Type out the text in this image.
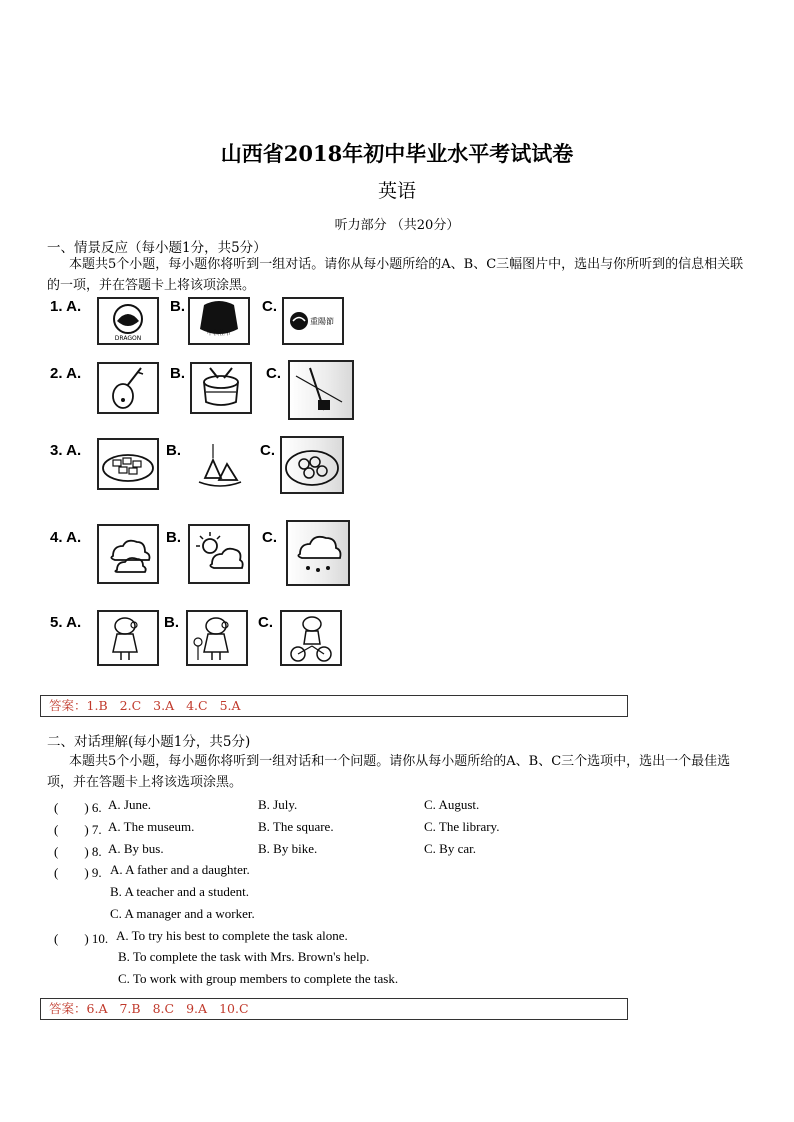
山西省2018年初中毕业水平考试试卷
英语
听力部分 （共20分）
一、情景反应（每小题1分，共5分）
本题共5个小题，每小题你将听到一组对话。请你从每小题所给的A、B、C三幅图片中，选出与你所听到的信息相关联的一项，并在答题卡上将该项涂黑。
1. A.
DRAGON
B.
中秋佳节
C.
重陽節
2. A.	B.	C.
3. A.	B.	C.
4. A.	B.	C.
5. A.	B.	C.
答案：1.B 2.C 3.A 4.C 5.A
二、对话理解(每小题1分，共5分)
本题共5个小题，每小题你将听到一组对话和一个问题。请你从每小题所给的A、B、C三个选项中，选出一个最佳选项，并在答题卡上将该选项涂黑。
(　　) 6. A. June.	B. July.	C. August.
(　　) 7. A. The museum.	B. The square.	C. The library.
(　　) 8. A. By bus.	B. By bike.	C. By car.
(　　) 9. A. A father and a daughter.
B. A teacher and a student.
C. A manager and a worker.
(　　) 10. A. To try his best to complete the task alone.
B. To complete the task with Mrs. Brown's help.
C. To work with group members to complete the task.
答案：6.A 7.B 8.C 9.A 10.C
